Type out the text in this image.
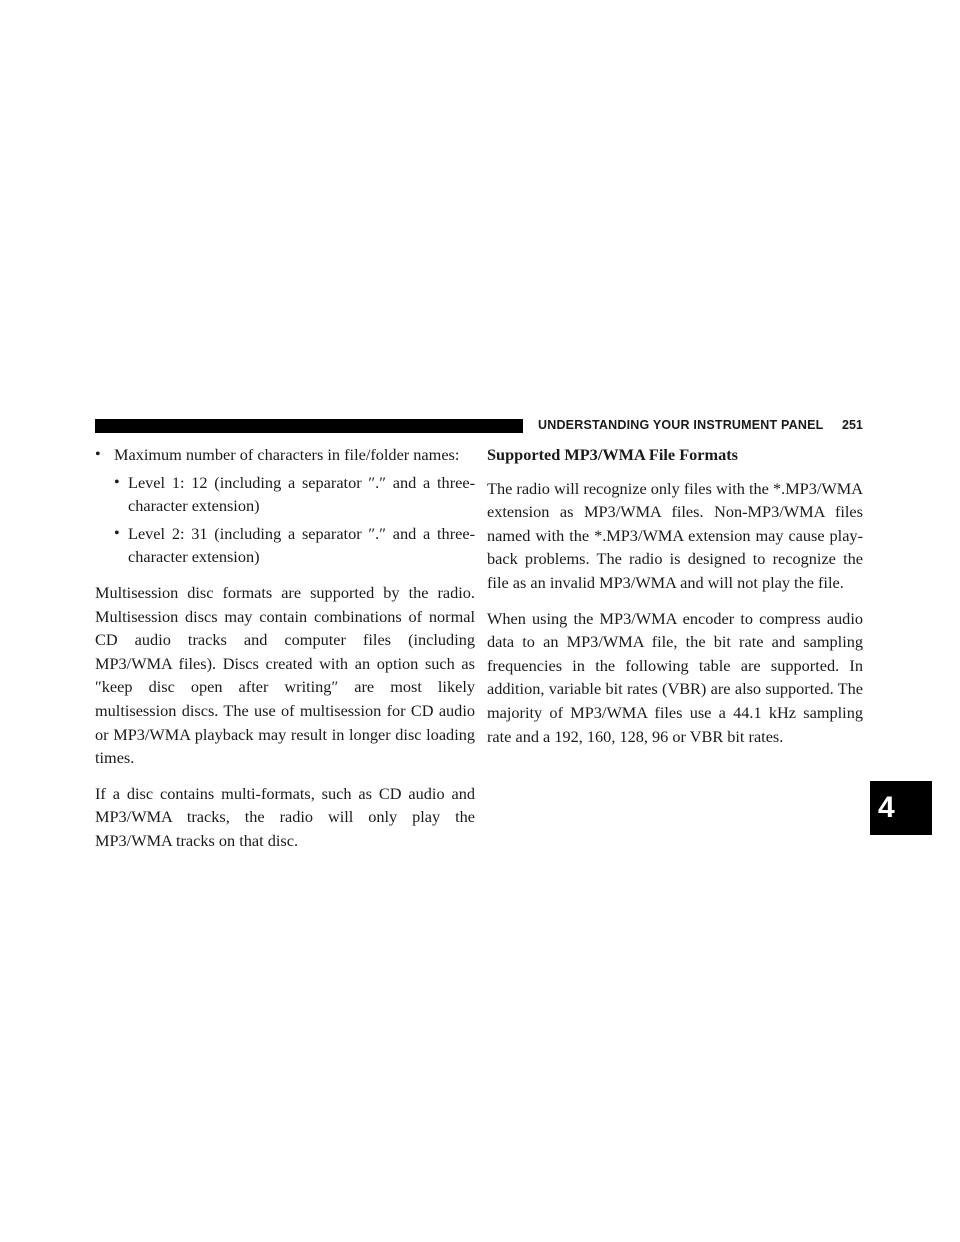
UNDERSTANDING YOUR INSTRUMENT PANEL 251
4
• Maximum number of characters in file/folder names:
• Level 1: 12 (including a separator ″.″ and a three-character extension)
• Level 2: 31 (including a separator ″.″ and a three-character extension)

Multisession disc formats are supported by the radio. Multisession discs may contain combinations of normal CD audio tracks and computer files (including MP3/WMA files). Discs created with an option such as ″keep disc open after writing″ are most likely multisession discs. The use of multisession for CD audio or MP3/WMA playback may result in longer disc loading times.

If a disc contains multi-formats, such as CD audio and MP3/WMA tracks, the radio will only play the MP3/WMA tracks on that disc.

Supported MP3/WMA File Formats

The radio will recognize only files with the *.MP3/WMA extension as MP3/WMA files. Non-MP3/WMA files named with the *.MP3/WMA extension may cause play-back problems. The radio is designed to recognize the file as an invalid MP3/WMA and will not play the file.

When using the MP3/WMA encoder to compress audio data to an MP3/WMA file, the bit rate and sampling frequencies in the following table are supported. In addition, variable bit rates (VBR) are also supported. The majority of MP3/WMA files use a 44.1 kHz sampling rate and a 192, 160, 128, 96 or VBR bit rates.
